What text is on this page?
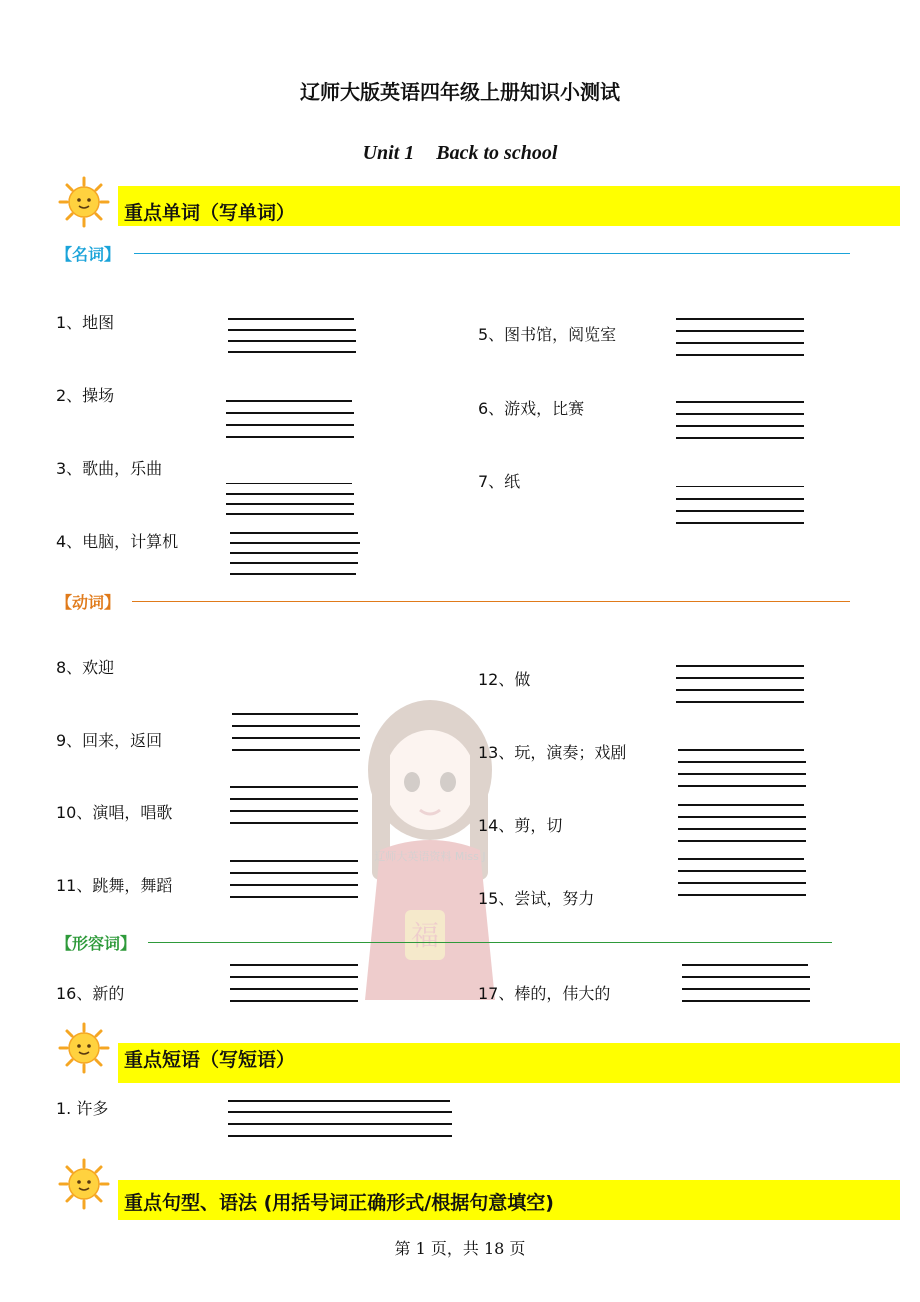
辽师大版英语四年级上册知识小测试
Unit 1 Back to school
福
辽师大英语资料 Miss J
重点单词（写单词）
【名词】
1、地图
2、操场
3、歌曲，乐曲
4、电脑，计算机
5、图书馆，阅览室
6、游戏，比赛
7、纸
【动词】
8、欢迎
9、回来，返回
10、演唱，唱歌
11、跳舞，舞蹈
12、做
13、玩，演奏；戏剧
14、剪，切
15、尝试，努力
【形容词】
16、新的	17、棒的，伟大的
重点短语（写短语）
1. 许多
重点句型、语法 (用括号词正确形式/根据句意填空)
第 1 页，共 18 页
